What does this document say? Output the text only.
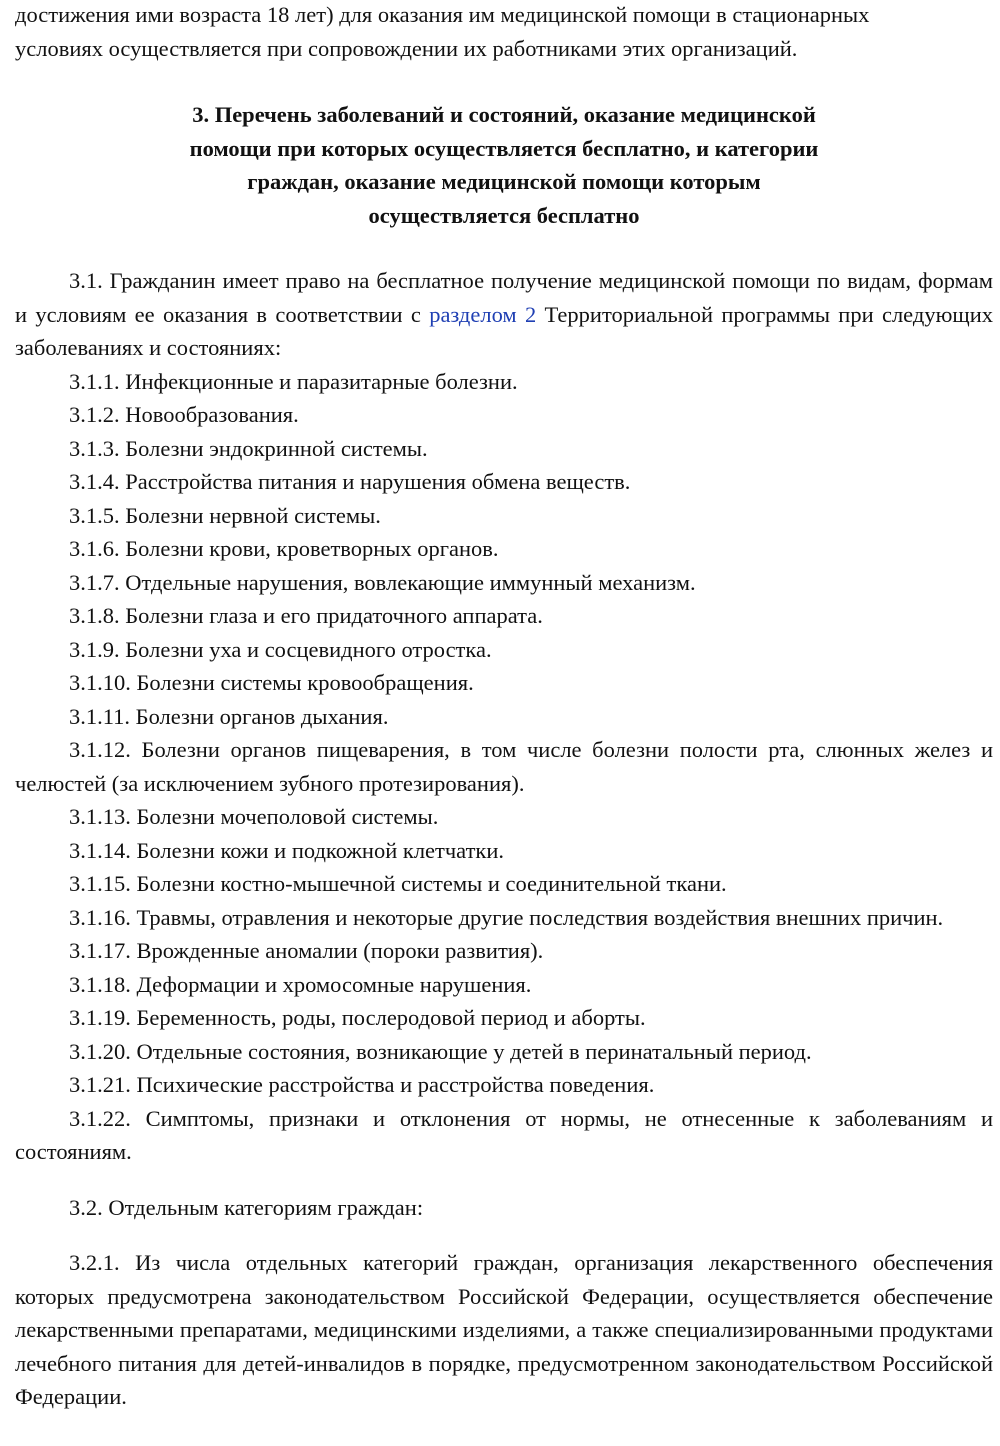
достижения ими возраста 18 лет) для оказания им медицинской помощи в стационарных
условиях осуществляется при сопровождении их работниками этих организаций.

3. Перечень заболеваний и состояний, оказание медицинской

помощи при которых осуществляется бесплатно, и категории

граждан, оказание медицинской помощи которым

осуществляется бесплатно

3.1. Гражданин имеет право на бесплатное получение медицинской помощи по видам, формам и условиям ее оказания в соответствии с разделом 2 Территориальной программы при следующих заболеваниях и состояниях:

3.1.1. Инфекционные и паразитарные болезни.

3.1.2. Новообразования.

3.1.3. Болезни эндокринной системы.

3.1.4. Расстройства питания и нарушения обмена веществ.

3.1.5. Болезни нервной системы.

3.1.6. Болезни крови, кроветворных органов.

3.1.7. Отдельные нарушения, вовлекающие иммунный механизм.

3.1.8. Болезни глаза и его придаточного аппарата.

3.1.9. Болезни уха и сосцевидного отростка.

3.1.10. Болезни системы кровообращения.

3.1.11. Болезни органов дыхания.

3.1.12. Болезни органов пищеварения, в том числе болезни полости рта, слюнных желез и челюстей (за исключением зубного протезирования).

3.1.13. Болезни мочеполовой системы.

3.1.14. Болезни кожи и подкожной клетчатки.

3.1.15. Болезни костно-мышечной системы и соединительной ткани.

3.1.16. Травмы, отравления и некоторые другие последствия воздействия внешних причин.

3.1.17. Врожденные аномалии (пороки развития).

3.1.18. Деформации и хромосомные нарушения.

3.1.19. Беременность, роды, послеродовой период и аборты.

3.1.20. Отдельные состояния, возникающие у детей в перинатальный период.

3.1.21. Психические расстройства и расстройства поведения.

3.1.22. Симптомы, признаки и отклонения от нормы, не отнесенные к заболеваниям и состояниям.

3.2. Отдельным категориям граждан:

3.2.1. Из числа отдельных категорий граждан, организация лекарственного обеспечения которых предусмотрена законодательством Российской Федерации, осуществляется обеспечение лекарственными препаратами, медицинскими изделиями, а также специализированными продуктами лечебного питания для детей-инвалидов в порядке, предусмотренном законодательством Российской Федерации.
